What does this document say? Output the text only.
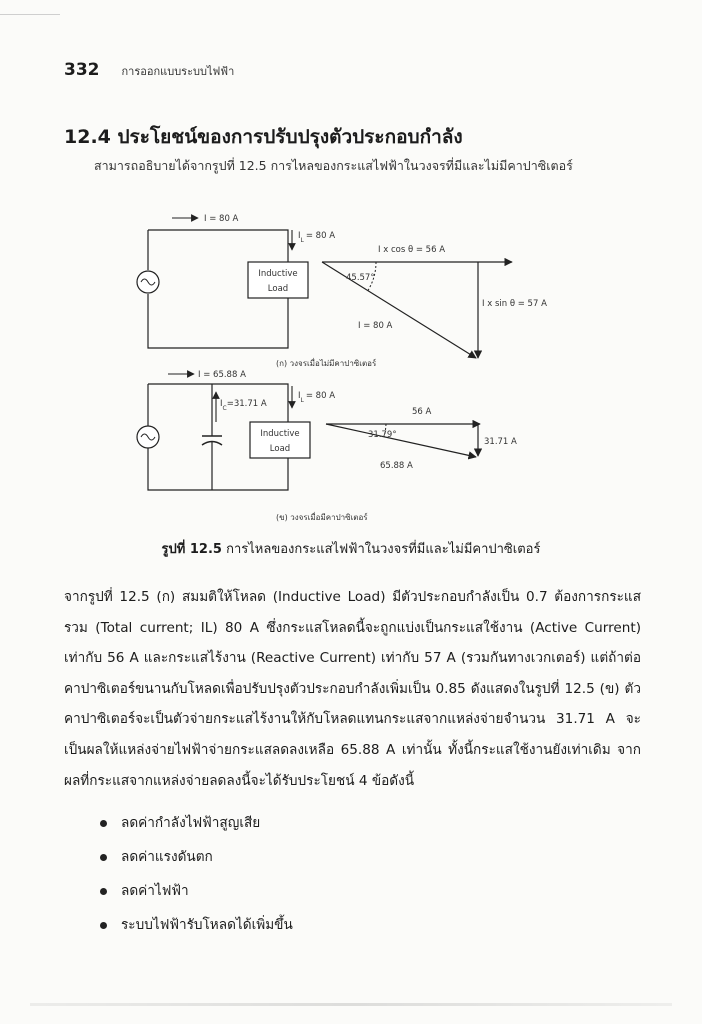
332 การออกแบบระบบไฟฟ้า
12.4 ประโยชน์ของการปรับปรุงตัวประกอบกำลัง
สามารถอธิบายได้จากรูปที่ 12.5 การไหลของกระแสไฟฟ้าในวงจรที่มีและไม่มีคาปาซิเตอร์
Inductive
Load
I = 80 A
$I_L = 80$ A
I x cos θ = 56 A
I x sin θ = 57 A
I = 80 A
45.57°
(ก) วงจรเมื่อไม่มีคาปาซิเตอร์
Inductive
Load
I = 65.88 A
$I_C=31.71$ A
$I_L = 80$ A
56 A
31.71 A
65.88 A
31.79°
(ข) วงจรเมื่อมีคาปาซิเตอร์
รูปที่ 12.5 การไหลของกระแสไฟฟ้าในวงจรที่มีและไม่มีคาปาซิเตอร์
จากรูปที่ 12.5 (ก) สมมติให้โหลด (Inductive Load) มีตัวประกอบกำลังเป็น 0.7 ต้องการกระแสรวม (Total current; IL) 80 A ซึ่งกระแสโหลดนี้จะถูกแบ่งเป็นกระแสใช้งาน (Active Current) เท่ากับ 56 A และกระแสไร้งาน (Reactive Current) เท่ากับ 57 A (รวมกันทางเวกเตอร์) แต่ถ้าต่อคาปาซิเตอร์ขนานกับโหลดเพื่อปรับปรุงตัวประกอบกำลังเพิ่มเป็น 0.85 ดังแสดงในรูปที่ 12.5 (ข) ตัวคาปาซิเตอร์จะเป็นตัวจ่ายกระแสไร้งานให้กับโหลดแทนกระแสจากแหล่งจ่ายจำนวน 31.71 A จะเป็นผลให้แหล่งจ่ายไฟฟ้าจ่ายกระแสลดลงเหลือ 65.88 A เท่านั้น ทั้งนี้กระแสใช้งานยังเท่าเดิม จากผลที่กระแสจากแหล่งจ่ายลดลงนี้จะได้รับประโยชน์ 4 ข้อดังนี้
ลดค่ากำลังไฟฟ้าสูญเสีย
ลดค่าแรงดันตก
ลดค่าไฟฟ้า
ระบบไฟฟ้ารับโหลดได้เพิ่มขึ้น
